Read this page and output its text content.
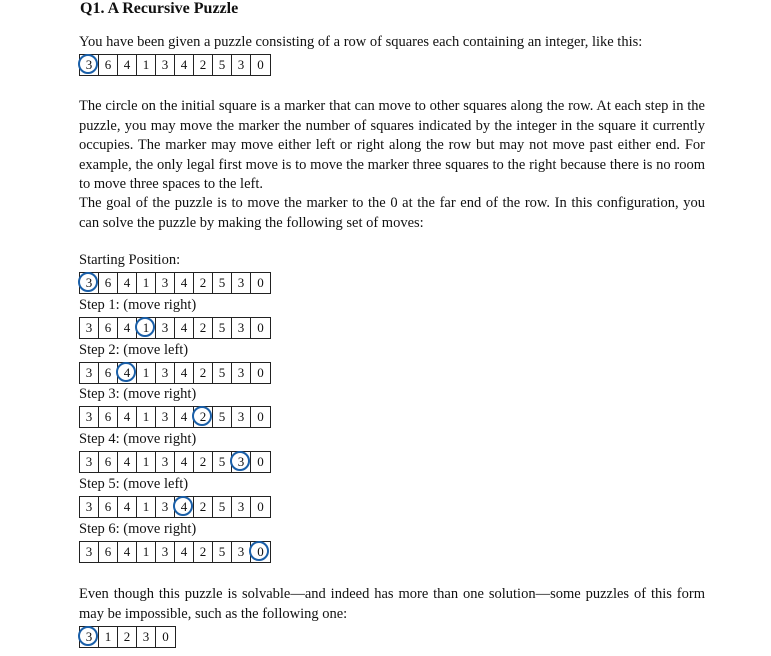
Q1. A Recursive Puzzle

You have been given a puzzle consisting of a row of squares each containing an integer, like this:

3 6 4 1 3 4 2 5 3	0

The circle on the initial square is a marker that can move to other squares along the row. At each step in the puzzle, you may move the marker the number of squares indicated by the integer in the square it currently occupies. The marker may move either left or right along the row but may not move past either end. For example, the only legal first move is to move the marker three squares to the right because there is no room to move three spaces to the left.

The goal of the puzzle is to move the marker to the 0 at the far end of the row. In this configuration, you can solve the puzzle by making the following set of moves:

Starting Position:
3 6 4 1 3 4 2 5 3	0
Step 1: (move right)
3 6 4 1 3 4 2 5 3	0
Step 2: (move left)
3 6 4 1 3 4 2 5 3	0
Step 3: (move right)
3 6 4 1 3 4 2 5 3	0
Step 4: (move right)
3 6 4 1 3 4 2 5 3	0
Step 5: (move left)
3 6 4 1 3 4 2 5 3	0
Step 6: (move right)
3 6 4 1 3 4 2 5 3	0

Even though this puzzle is solvable—and indeed has more than one solution—some puzzles of this form may be impossible, such as the following one:

3 1 2 3	0
